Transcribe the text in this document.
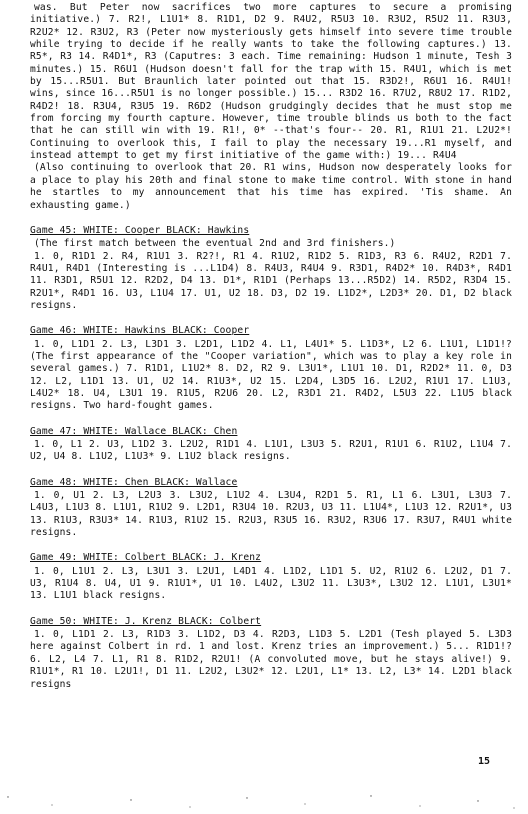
was. But Peter now sacrifices two more captures to secure a promising initiative.) 7. R2!, L1U1* 8. R1D1, D2 9. R4U2, R5U3 10. R3U2, R5U2 11. R3U3, R2U2* 12. R3U2, R3 (Peter now mysteriously gets himself into severe time trouble while trying to decide if he really wants to take the following captures.) 13. R5*, R3 14. R4D1*, R3 (Caputres: 3 each. Time remaining: Hudson 1 minute, Tesh 3 minutes.) 15. R6U1 (Hudson doesn't fall for the trap with 15. R4U1, which is met by 15...R5U1. But Braunlich later pointed out that 15. R3D2!, R6U1 16. R4U1! wins, since 16...R5U1 is no longer possible.) 15... R3D2 16. R7U2, R8U2 17. R1D2, R4D2! 18. R3U4, R3U5 19. R6D2 (Hudson grudgingly decides that he must stop me from forcing my fourth capture. However, time trouble blinds us both to the fact that he can still win with 19. R1!, 0* --that's four-- 20. R1, R1U1 21. L2U2*! Continuing to overlook this, I fail to play the necessary 19...R1 myself, and instead attempt to get my first initiative of the game with:) 19... R4U4

(Also continuing to overlook that 20. R1 wins, Hudson now desperately looks for a place to play his 20th and final stone to make time control. With stone in hand he startles to my announcement that his time has expired. 'Tis shame. An exhausting game.)

Game 45: WHITE: Cooper BLACK: Hawkins

(The first match between the eventual 2nd and 3rd finishers.)

1. 0, R1D1 2. R4, R1U1 3. R2?!, R1 4. R1U2, R1D2 5. R1D3, R3 6. R4U2, R2D1 7. R4U1, R4D1 (Interesting is ...L1D4) 8. R4U3, R4U4 9. R3D1, R4D2* 10. R4D3*, R4D1 11. R3D1, R5U1 12. R2D2, D4 13. D1*, R1D1 (Perhaps 13...R5D2) 14. R5D2, R3D4 15. R2U1*, R4D1 16. U3, L1U4 17. U1, U2 18. D3, D2 19. L1D2*, L2D3* 20. D1, D2 black resigns.

Game 46: WHITE: Hawkins BLACK: Cooper

1. 0, L1D1 2. L3, L3D1 3. L2D1, L1D2 4. L1, L4U1* 5. L1D3*, L2 6. L1U1, L1D1!? (The first appearance of the "Cooper variation", which was to play a key role in several games.) 7. R1D1, L1U2* 8. D2, R2 9. L3U1*, L1U1 10. D1, R2D2* 11. 0, D3 12. L2, L1D1 13. U1, U2 14. R1U3*, U2 15. L2D4, L3D5 16. L2U2, R1U1 17. L1U3, L4U2* 18. U4, L3U1 19. R1U5, R2U6 20. L2, R3D1 21. R4D2, L5U3 22. L1U5 black resigns. Two hard-fought games.

Game 47: WHITE: Wallace BLACK: Chen

1. 0, L1 2. U3, L1D2 3. L2U2, R1D1 4. L1U1, L3U3 5. R2U1, R1U1 6. R1U2, L1U4 7. U2, U4 8. L1U2, L1U3* 9. L1U2 black resigns.

Game 48: WHITE: Chen BLACK: Wallace

1. 0, U1 2. L3, L2U3 3. L3U2, L1U2 4. L3U4, R2D1 5. R1, L1 6. L3U1, L3U3 7. L4U3, L1U3 8. L1U1, R1U2 9. L2D1, R3U4 10. R2U3, U3 11. L1U4*, L1U3 12. R2U1*, U3 13. R1U3, R3U3* 14. R1U3, R1U2 15. R2U3, R3U5 16. R3U2, R3U6 17. R3U7, R4U1 white resigns.

Game 49: WHITE: Colbert BLACK: J. Krenz

1. 0, L1U1 2. L3, L3U1 3. L2U1, L4D1 4. L1D2, L1D1 5. U2, R1U2 6. L2U2, D1 7. U3, R1U4 8. U4, U1 9. R1U1*, U1 10. L4U2, L3U2 11. L3U3*, L3U2 12. L1U1, L3U1* 13. L1U1 black resigns.

Game 50: WHITE: J. Krenz BLACK: Colbert

1. 0, L1D1 2. L3, R1D3 3. L1D2, D3 4. R2D3, L1D3 5. L2D1 (Tesh played 5. L3D3 here against Colbert in rd. 1 and lost. Krenz tries an improvement.) 5... R1D1!? 6. L2, L4 7. L1, R1 8. R1D2, R2U1! (A convoluted move, but he stays alive!) 9. R1U1*, R1 10. L2U1!, D1 11. L2U2, L3U2* 12. L2U1, L1* 13. L2, L3* 14. L2D1 black resigns

15
